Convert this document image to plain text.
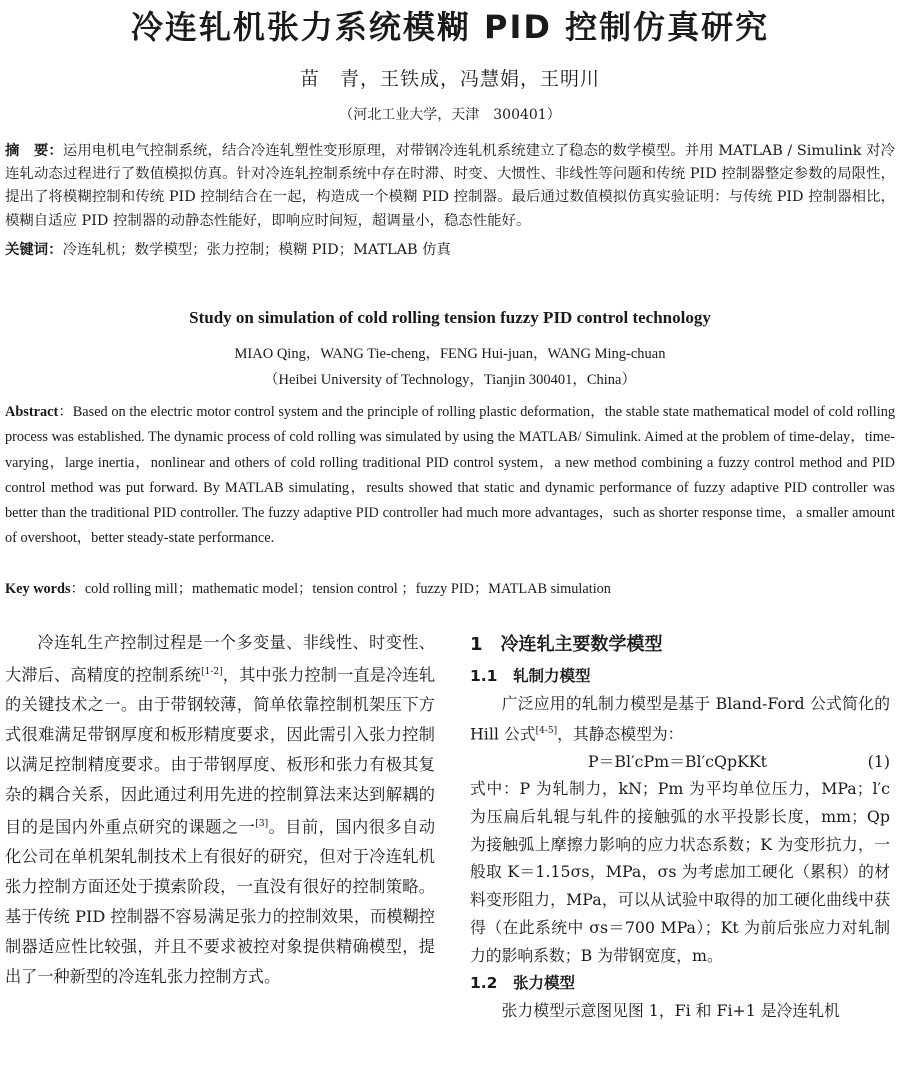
冷连轧机张力系统模糊 PID 控制仿真研究
苗　青，王铁成，冯慧娟，王明川
（河北工业大学，天津　300401）
摘　要：运用电机电气控制系统，结合冷连轧塑性变形原理，对带钢冷连轧机系统建立了稳态的数学模型。并用 MATLAB / Simulink 对冷连轧动态过程进行了数值模拟仿真。针对冷连轧控制系统中存在时滞、时变、大惯性、非线性等问题和传统 PID 控制器整定参数的局限性，提出了将模糊控制和传统 PID 控制结合在一起，构造成一个模糊 PID 控制器。最后通过数值模拟仿真实验证明：与传统 PID 控制器相比，模糊自适应 PID 控制器的动静态性能好，即响应时间短，超调量小，稳态性能好。
关键词：冷连轧机；数学模型；张力控制；模糊 PID；MATLAB 仿真
Study on simulation of cold rolling tension fuzzy PID control technology
MIAO Qing，WANG Tie-cheng，FENG Hui-juan，WANG Ming-chuan
（Heibei University of Technology，Tianjin 300401，China）
Abstract：Based on the electric motor control system and the principle of rolling plastic deformation，the stable state mathematical model of cold rolling process was established. The dynamic process of cold rolling was simulated by using the MATLAB/ Simulink. Aimed at the problem of time-delay，time-varying，large inertia，nonlinear and others of cold rolling traditional PID control system，a new method combining a fuzzy control method and PID control method was put forward. By MATLAB simulating，results showed that static and dynamic performance of fuzzy adaptive PID controller was better than the traditional PID controller. The fuzzy adaptive PID controller had much more advantages，such as shorter response time，a smaller amount of overshoot，better steady-state performance.
Key words：cold rolling mill；mathematic model；tension control ；fuzzy PID；MATLAB simulation
冷连轧生产控制过程是一个多变量、非线性、时变性、大滞后、高精度的控制系统[1-2]，其中张力控制一直是冷连轧的关键技术之一。由于带钢较薄，简单依靠控制机架压下方式很难满足带钢厚度和板形精度要求，因此需引入张力控制以满足控制精度要求。由于带钢厚度、板形和张力有极其复杂的耦合关系，因此通过利用先进的控制算法来达到解耦的目的是国内外重点研究的课题之一[3]。目前，国内很多自动化公司在单机架轧制技术上有很好的研究，但对于冷连轧机张力控制方面还处于摸索阶段，一直没有很好的控制策略。基于传统 PID 控制器不容易满足张力的控制效果，而模糊控制器适应性比较强，并且不要求被控对象提供精确模型，提出了一种新型的冷连轧张力控制方式。
1　冷连轧主要数学模型
1.1　轧制力模型
广泛应用的轧制力模型是基于 Bland-Ford 公式简化的 Hill 公式[4-5]，其静态模型为：
P＝Bl′cPm＝Bl′cQpKKt	(1)
式中：P 为轧制力，kN；Pm 为平均单位压力，MPa；l′c 为压扁后轧辊与轧件的接触弧的水平投影长度，mm；Qp 为接触弧上摩擦力影响的应力状态系数；K 为变形抗力，一般取 K＝1.15σs，MPa，σs 为考虑加工硬化（累积）的材料变形阻力，MPa，可以从试验中取得的加工硬化曲线中获得（在此系统中 σs＝700 MPa）；Kt 为前后张应力对轧制力的影响系数；B 为带钢宽度，m。
1.2　张力模型
张力模型示意图见图 1，Fi 和 Fi+1 是冷连轧机
